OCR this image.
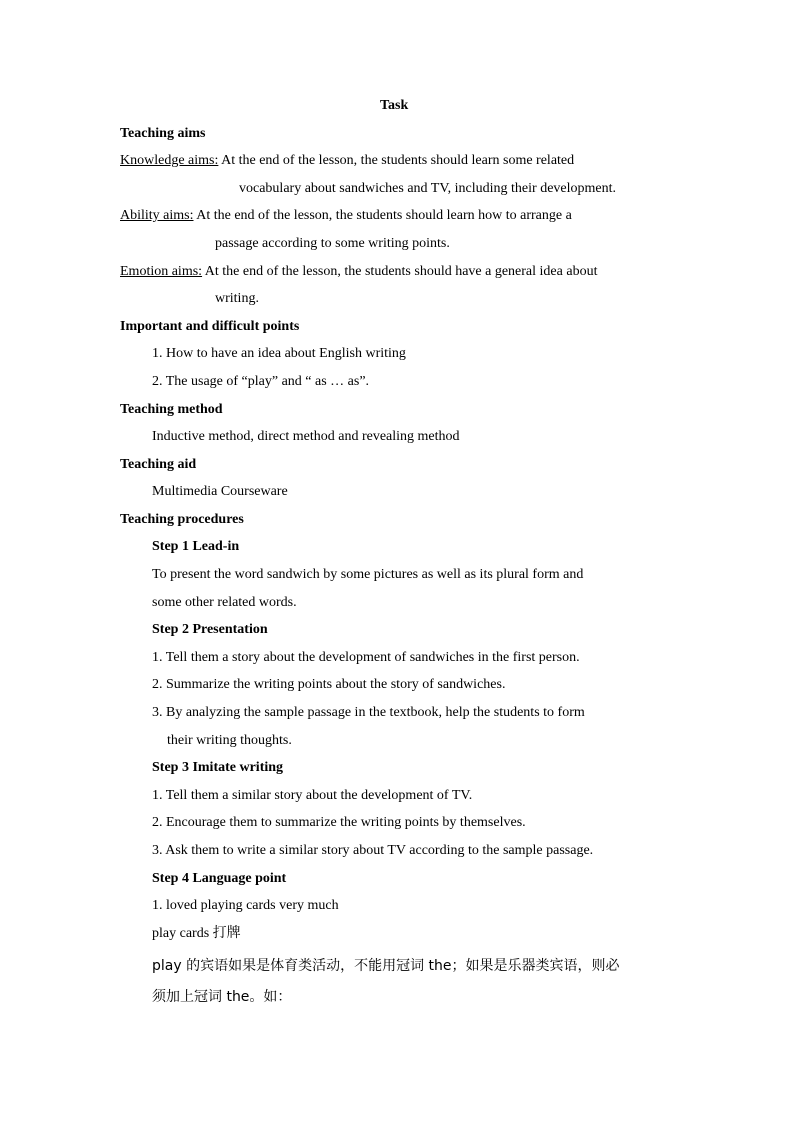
Task
Teaching aims
Knowledge aims: At the end of the lesson, the students should learn some related
vocabulary about sandwiches and TV, including their development.
Ability aims: At the end of the lesson, the students should learn how to arrange a
passage according to some writing points.
Emotion aims: At the end of the lesson, the students should have a general idea about
writing.
Important and difficult points
1. How to have an idea about English writing
2. The usage of “play” and “ as … as”.
Teaching method
Inductive method, direct method and revealing method
Teaching aid
Multimedia Courseware
Teaching procedures
Step 1 Lead-in
To present the word sandwich by some pictures as well as its plural form and
some other related words.
Step 2 Presentation
1. Tell them a story about the development of sandwiches in the first person.
2. Summarize the writing points about the story of sandwiches.
3. By analyzing the sample passage in the textbook, help the students to form
their writing thoughts.
Step 3 Imitate writing
1. Tell them a similar story about the development of TV.
2. Encourage them to summarize the writing points by themselves.
3. Ask them to write a similar story about TV according to the sample passage.
Step 4 Language point
1. loved playing cards very much
play cards 打牌
play 的宾语如果是体育类活动，不能用冠词 the；如果是乐器类宾语，则必
须加上冠词 the。如：
